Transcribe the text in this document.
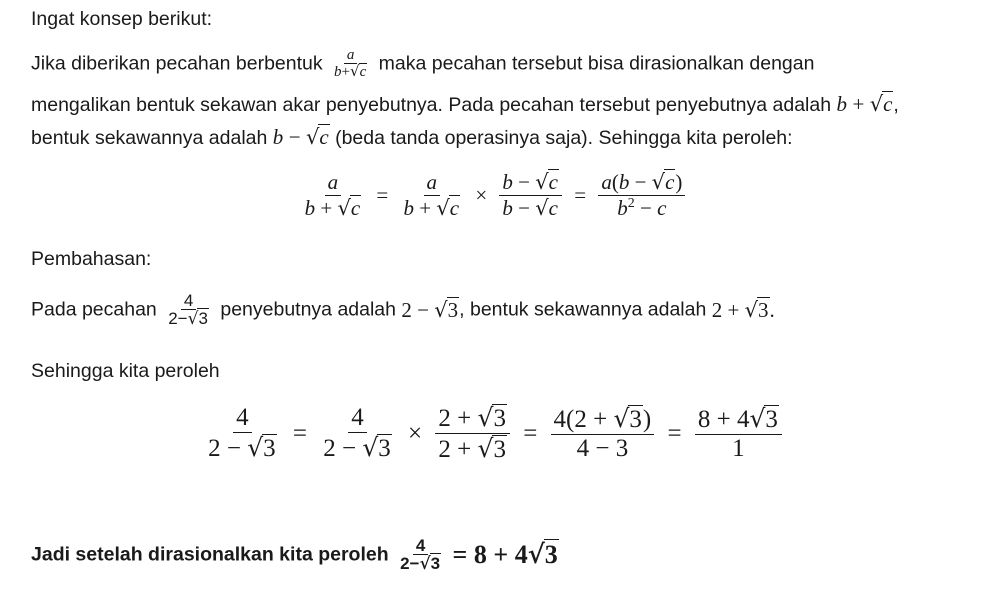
Ingat konsep berikut:
Jika diberikan pecahan berbentuk $\frac{a}{b+√c}$ maka pecahan tersebut bisa dirasionalkan dengan
mengalikan bentuk sekawan akar penyebutnya. Pada pecahan tersebut penyebutnya adalah b + √c,
bentuk sekawannya adalah b − √c (beda tanda operasinya saja). Sehingga kita peroleh:
$\frac{a}{b + √c} = \frac{a}{b + √c} \times \frac{b - √c}{b - √c} = \frac{a(b - √c)}{b^2 - c}$
Pembahasan:
Pada pecahan $\frac{4}{2-√3}$ penyebutnya adalah 2 − √3, bentuk sekawannya adalah 2 + √3.
Sehingga kita peroleh
$\frac{4}{2 - √3} = \frac{4}{2 - √3} \times \frac{2 + √3}{2 + √3} = \frac{4(2 + √3)}{4 - 3} = \frac{8 + 4√3}{1}$
Jadi setelah dirasionalkan kita peroleh $\frac{4}{2-√3} = 8 + 4√3$
